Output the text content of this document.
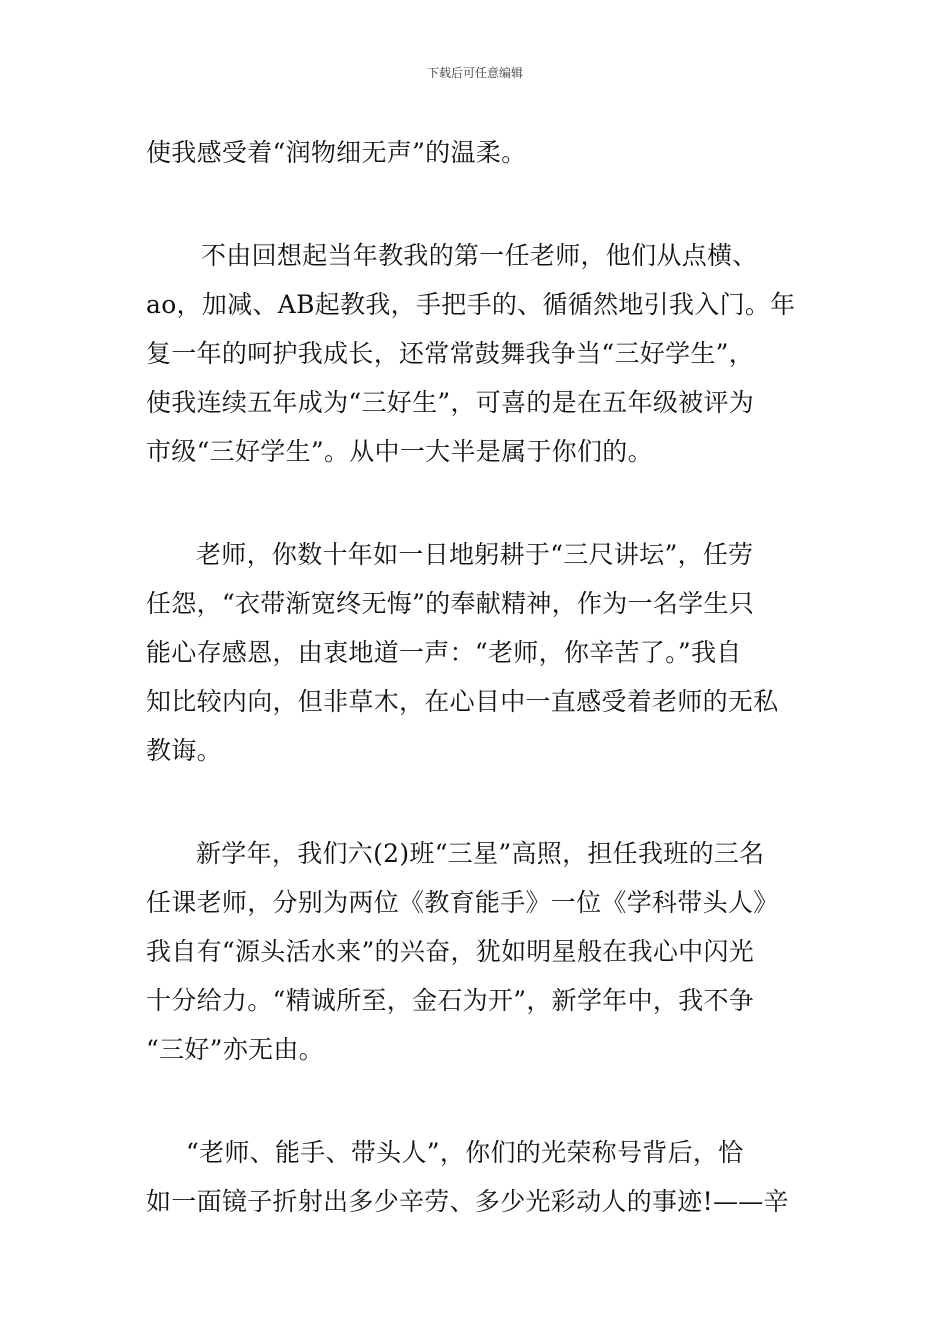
下载后可任意编辑

使我感受着“润物细无声”的温柔。

不由回想起当年教我的第一任老师，他们从点横、
ao，加减、AB起教我，手把手的、循循然地引我入门。年
复一年的呵护我成长，还常常鼓舞我争当“三好学生”，
使我连续五年成为“三好生”，可喜的是在五年级被评为
市级“三好学生”。从中一大半是属于你们的。

老师，你数十年如一日地躬耕于“三尺讲坛”，任劳
任怨，“衣带渐宽终无悔”的奉献精神，作为一名学生只
能心存感恩，由衷地道一声：“老师，你辛苦了。”我自
知比较内向，但非草木，在心目中一直感受着老师的无私
教诲。

新学年，我们六(2)班“三星”高照，担任我班的三名
任课老师，分别为两位《教育能手》一位《学科带头人》
我自有“源头活水来”的兴奋，犹如明星般在我心中闪光
十分给力。“精诚所至，金石为开”，新学年中，我不争
“三好”亦无由。

“老师、能手、带头人”，你们的光荣称号背后，恰
如一面镜子折射出多少辛劳、多少光彩动人的事迹!——辛
